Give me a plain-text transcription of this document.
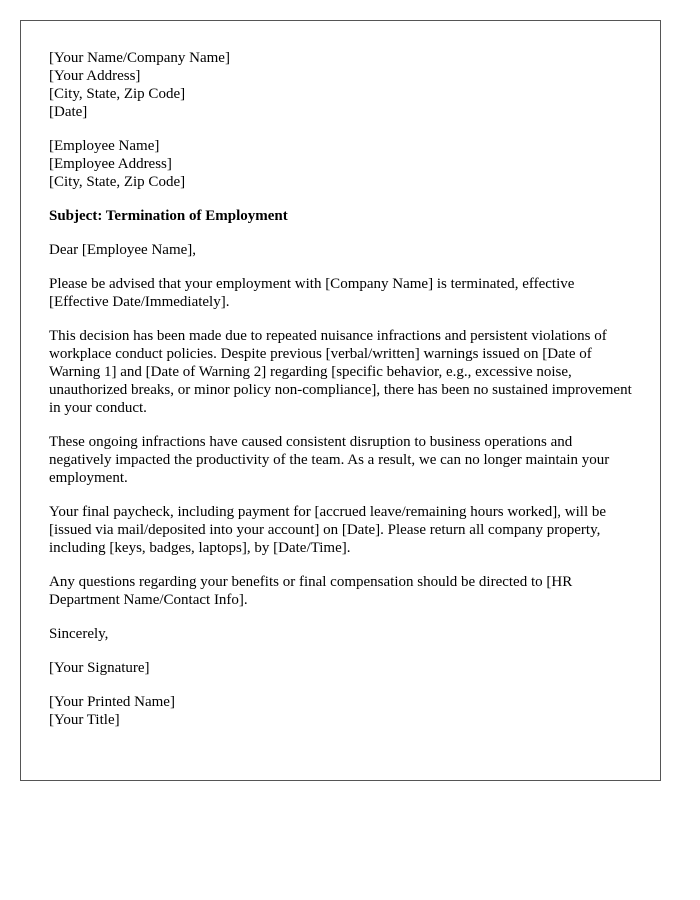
[Your Name/Company Name]
[Your Address]
[City, State, Zip Code]
[Date]
[Employee Name]
[Employee Address]
[City, State, Zip Code]

Subject: Termination of Employment

Dear [Employee Name],

Please be advised that your employment with [Company Name] is terminated, effective [Effective Date/Immediately].

This decision has been made due to repeated nuisance infractions and persistent violations of workplace conduct policies. Despite previous [verbal/written] warnings issued on [Date of Warning 1] and [Date of Warning 2] regarding [specific behavior, e.g., excessive noise, unauthorized breaks, or minor policy non-compliance], there has been no sustained improvement in your conduct.

These ongoing infractions have caused consistent disruption to business operations and negatively impacted the productivity of the team. As a result, we can no longer maintain your employment.

Your final paycheck, including payment for [accrued leave/remaining hours worked], will be [issued via mail/deposited into your account] on [Date]. Please return all company property, including [keys, badges, laptops], by [Date/Time].

Any questions regarding your benefits or final compensation should be directed to [HR Department Name/Contact Info].

Sincerely,

[Your Signature]

[Your Printed Name]
[Your Title]
